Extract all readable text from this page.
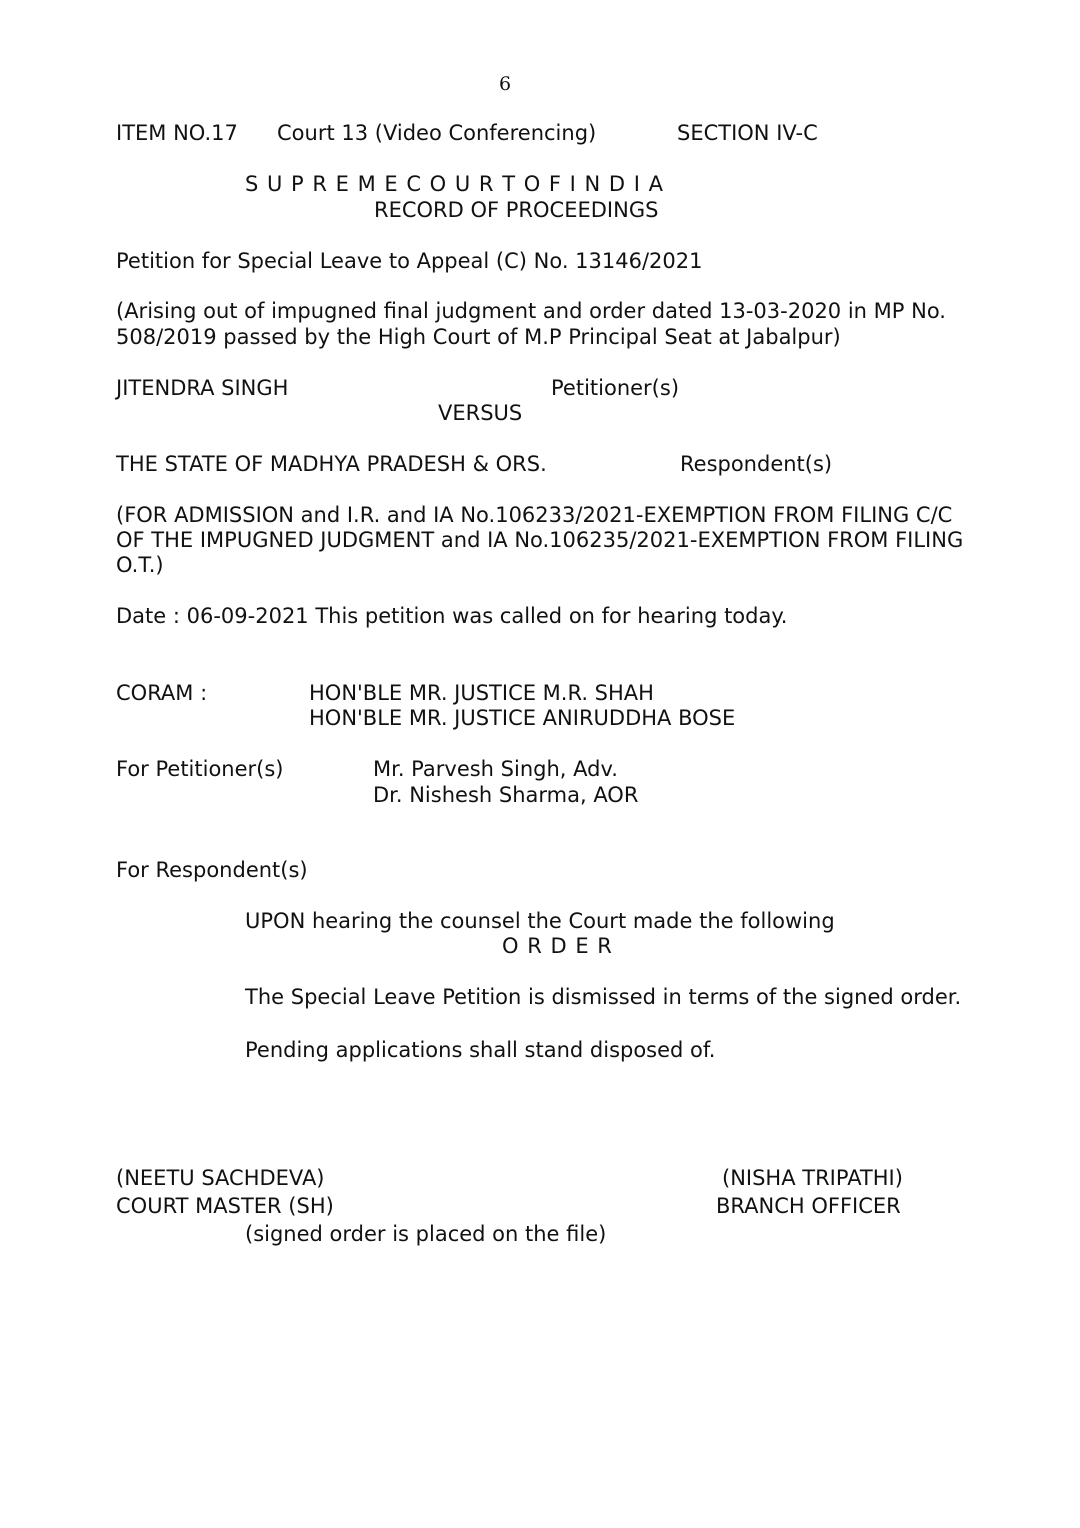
6
ITEM NO.17 Court 13 (Video Conferencing)	SECTION IV-C
S U P R E M E C O U R T O F I N D I A
RECORD OF PROCEEDINGS
Petition for Special Leave to Appeal (C) No. 13146/2021
(Arising out of impugned final judgment and order dated 13-03-2020 in MP No.
508/2019 passed by the High Court of M.P Principal Seat at Jabalpur)
JITENDRA SINGH	Petitioner(s)
VERSUS
THE STATE OF MADHYA PRADESH & ORS.	Respondent(s)
(FOR ADMISSION and I.R. and IA No.106233/2021-EXEMPTION FROM FILING C/C
OF THE IMPUGNED JUDGMENT and IA No.106235/2021-EXEMPTION FROM FILING
O.T.)
Date : 06-09-2021 This petition was called on for hearing today.
CORAM :	HON'BLE MR. JUSTICE M.R. SHAH
HON'BLE MR. JUSTICE ANIRUDDHA BOSE
For Petitioner(s)	Mr. Parvesh Singh, Adv.
Dr. Nishesh Sharma, AOR
For Respondent(s)
UPON hearing the counsel the Court made the following
O R D E R
The Special Leave Petition is dismissed in terms of the signed order.
Pending applications shall stand disposed of.
(NEETU SACHDEVA)
COURT MASTER (SH)
(NISHA TRIPATHI)
BRANCH OFFICER
(signed order is placed on the file)
